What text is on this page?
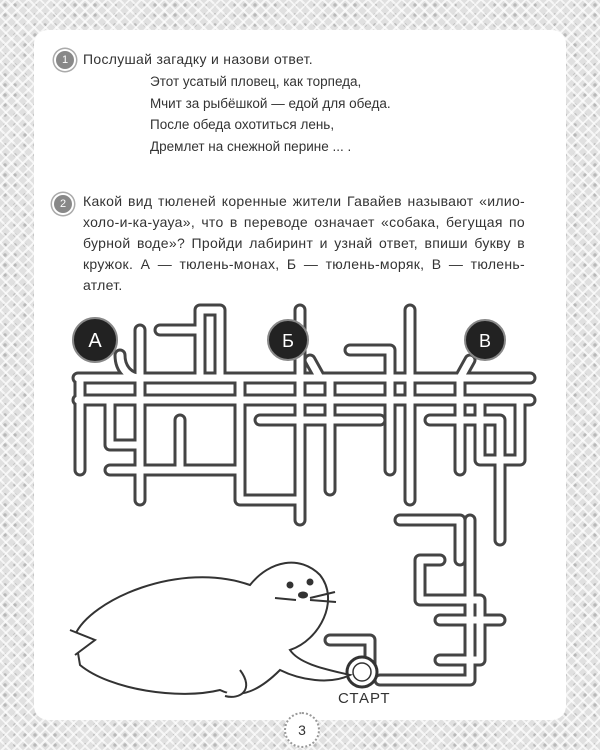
1	Послушай загадку и назови ответ.
Этот усатый пловец, как торпеда,
Мчит за рыбёшкой — едой для обеда.
После обеда охотиться лень,
Дремлет на снежной перине ... .
2	Какой вид тюленей коренные жители Гавайев называют «илио-холо-и-ка-уауа», что в переводе означает «собака, бегущая по бурной воде»? Пройди лабиринт и узнай ответ, впиши букву в кружок. А — тюлень-монах, Б — тюлень-моряк, В — тюлень-атлет.
А	Б	В
СТАРТ
3
